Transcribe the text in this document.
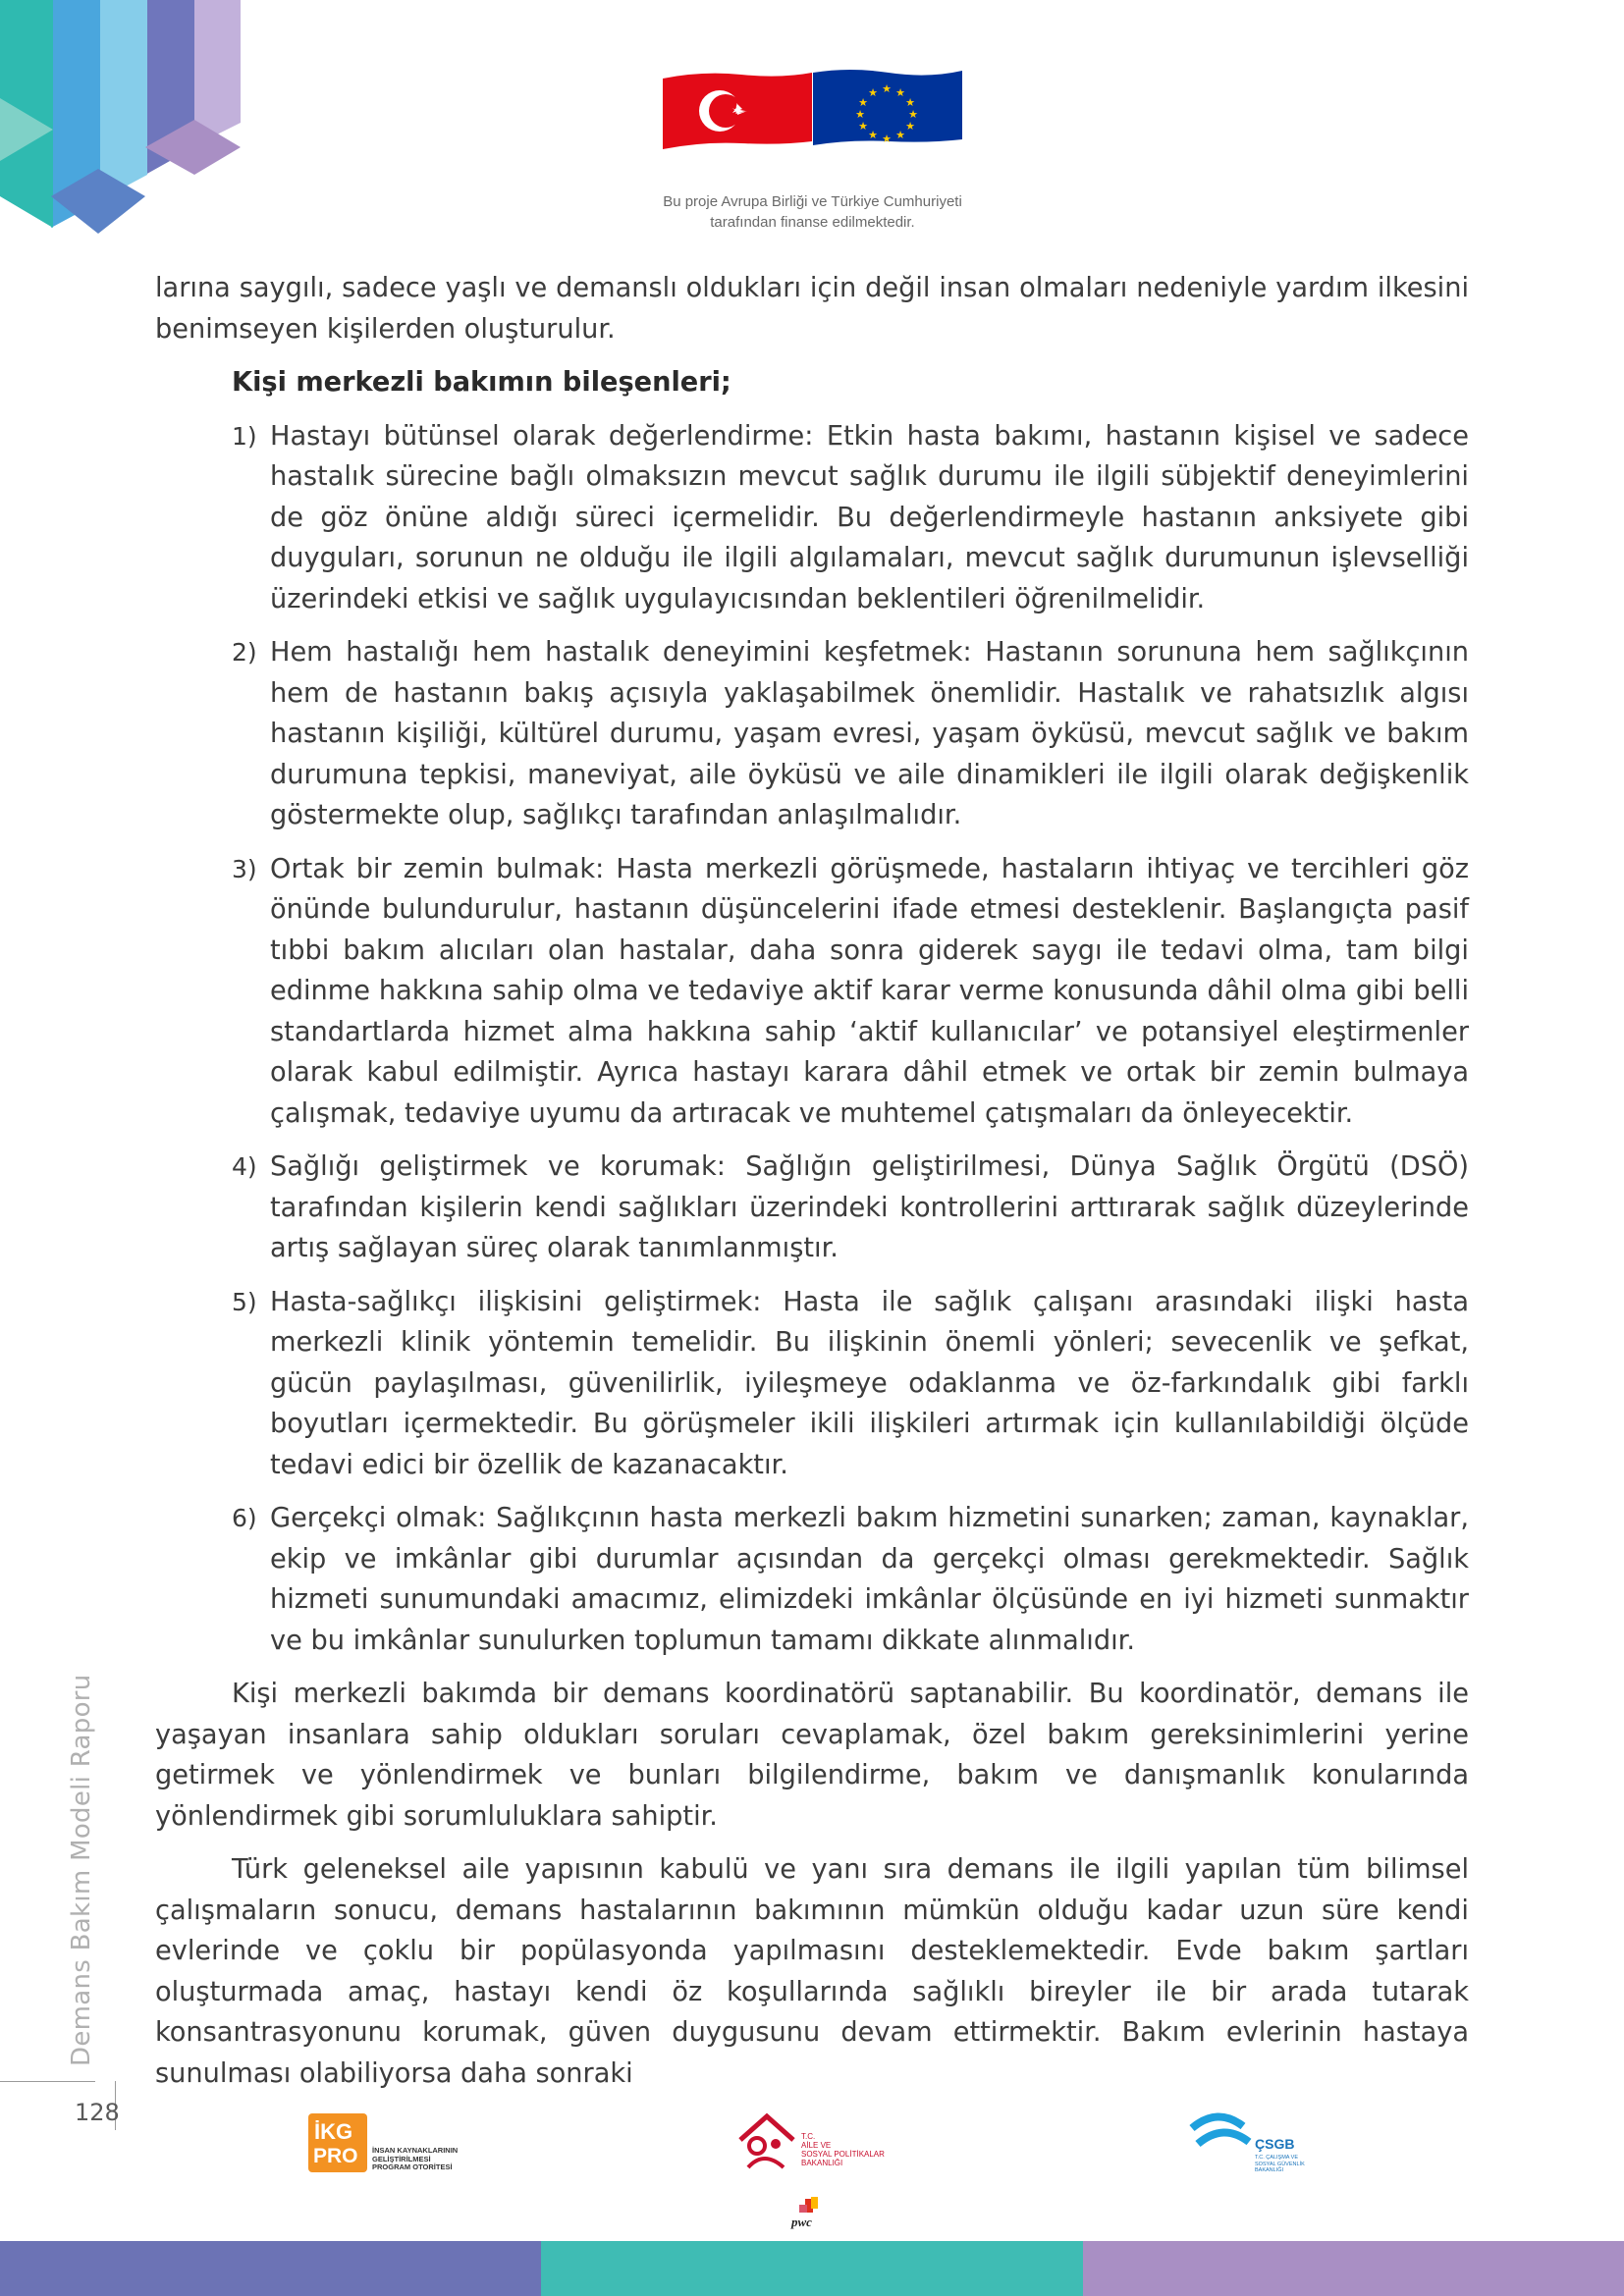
★ ★
★
★
★
★
★
★
★
★
★
★
Bu proje Avrupa Birliği ve Türkiye Cumhuriyeti
tarafından finanse edilmektedir.

larına saygılı, sadece yaşlı ve demanslı oldukları için değil insan olmaları nedeniyle yardım ilkesini benimseyen kişilerden oluşturulur.

Kişi merkezli bakımın bileşenleri;

1) Hastayı bütünsel olarak değerlendirme: Etkin hasta bakımı, hastanın kişisel ve sadece hastalık sürecine bağlı olmaksızın mevcut sağlık durumu ile ilgili sübjektif deneyimlerini de göz önüne aldığı süreci içermelidir. Bu değerlendirmeyle hastanın anksiyete gibi duyguları, sorunun ne olduğu ile ilgili algılamaları, mevcut sağlık durumunun işlevselliği üzerindeki etkisi ve sağlık uygulayıcısından beklentileri öğrenilmelidir.
2) Hem hastalığı hem hastalık deneyimini keşfetmek: Hastanın sorununa hem sağlıkçının hem de hastanın bakış açısıyla yaklaşabilmek önemlidir. Hastalık ve rahatsızlık algısı hastanın kişiliği, kültürel durumu, yaşam evresi, yaşam öyküsü, mevcut sağlık ve bakım durumuna tepkisi, maneviyat, aile öyküsü ve aile dinamikleri ile ilgili olarak değişkenlik göstermekte olup, sağlıkçı tarafından anlaşılmalıdır.
3) Ortak bir zemin bulmak: Hasta merkezli görüşmede, hastaların ihtiyaç ve tercihleri göz önünde bulundurulur, hastanın düşüncelerini ifade etmesi desteklenir. Başlangıçta pasif tıbbi bakım alıcıları olan hastalar, daha sonra giderek saygı ile tedavi olma, tam bilgi edinme hakkına sahip olma ve tedaviye aktif karar verme konusunda dâhil olma gibi belli standartlarda hizmet alma hakkına sahip ‘aktif kullanıcılar’ ve potansiyel eleştirmenler olarak kabul edilmiştir. Ayrıca hastayı karara dâhil etmek ve ortak bir zemin bulmaya çalışmak, tedaviye uyumu da artıracak ve muhtemel çatışmaları da önleyecektir.
4) Sağlığı geliştirmek ve korumak: Sağlığın geliştirilmesi, Dünya Sağlık Örgütü (DSÖ) tarafından kişilerin kendi sağlıkları üzerindeki kontrollerini arttırarak sağlık düzeylerinde artış sağlayan süreç olarak tanımlanmıştır.
5) Hasta-sağlıkçı ilişkisini geliştirmek: Hasta ile sağlık çalışanı arasındaki ilişki hasta merkezli klinik yöntemin temelidir. Bu ilişkinin önemli yönleri; sevecenlik ve şefkat, gücün paylaşılması, güvenilirlik, iyileşmeye odaklanma ve öz-farkındalık gibi farklı boyutları içermektedir. Bu görüşmeler ikili ilişkileri artırmak için kullanılabildiği ölçüde tedavi edici bir özellik de kazanacaktır.
6) Gerçekçi olmak: Sağlıkçının hasta merkezli bakım hizmetini sunarken; zaman, kaynaklar, ekip ve imkânlar gibi durumlar açısından da gerçekçi olması gerekmektedir. Sağlık hizmeti sunumundaki amacımız, elimizdeki imkânlar ölçüsünde en iyi hizmeti sunmaktır ve bu imkânlar sunulurken toplumun tamamı dikkate alınmalıdır.

Kişi merkezli bakımda bir demans koordinatörü saptanabilir. Bu koordinatör, demans ile yaşayan insanlara sahip oldukları soruları cevaplamak, özel bakım gereksinimlerini yerine getirmek ve yönlendirmek ve bunları bilgilendirme, bakım ve danışmanlık konularında yönlendirmek gibi sorumluluklara sahiptir.

Türk geleneksel aile yapısının kabulü ve yanı sıra demans ile ilgili yapılan tüm bilimsel çalışmaların sonucu, demans hastalarının bakımının mümkün olduğu kadar uzun süre kendi evlerinde ve çoklu bir popülasyonda yapılmasını desteklemektedir. Evde bakım şartları oluşturmada amaç, hastayı kendi öz koşullarında sağlıklı bireyler ile bir arada tutarak konsantrasyonunu korumak, güven duygusunu devam ettirmektir. Bakım evlerinin hastaya sunulması olabiliyorsa daha sonraki

Demans Bakım Modeli Raporu
128
İKG
PRO İNSAN KAYNAKLARININ
GELİŞTİRİLMESİ
PROGRAM OTORİTESİ
T.C.
AİLE VE
SOSYAL POLİTİKALAR
BAKANLIĞI
ÇSGB
T.C. ÇALIŞMA VE
SOSYAL GÜVENLİK
BAKANLIĞI
pwc
